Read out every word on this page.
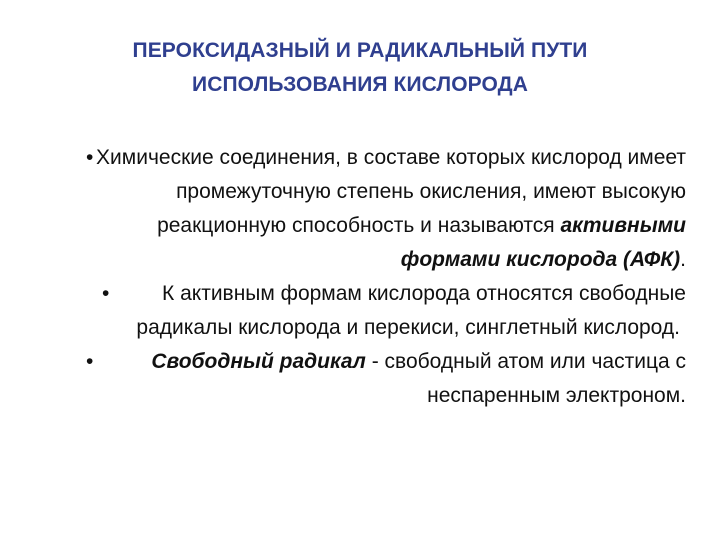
ПЕРОКСИДАЗНЫЙ И РАДИКАЛЬНЫЙ ПУТИ
ИСПОЛЬЗОВАНИЯ КИСЛОРОДА
• Химические соединения, в составе которых кислород имеет промежуточную степень окисления, имеют высокую реакционную способность и называются активными формами кислорода (АФК).
•	К активным формам кислорода относятся свободные радикалы кислорода и перекиси, синглетный кислород.
•	Свободный радикал - свободный атом или частица с неспаренным электроном.
